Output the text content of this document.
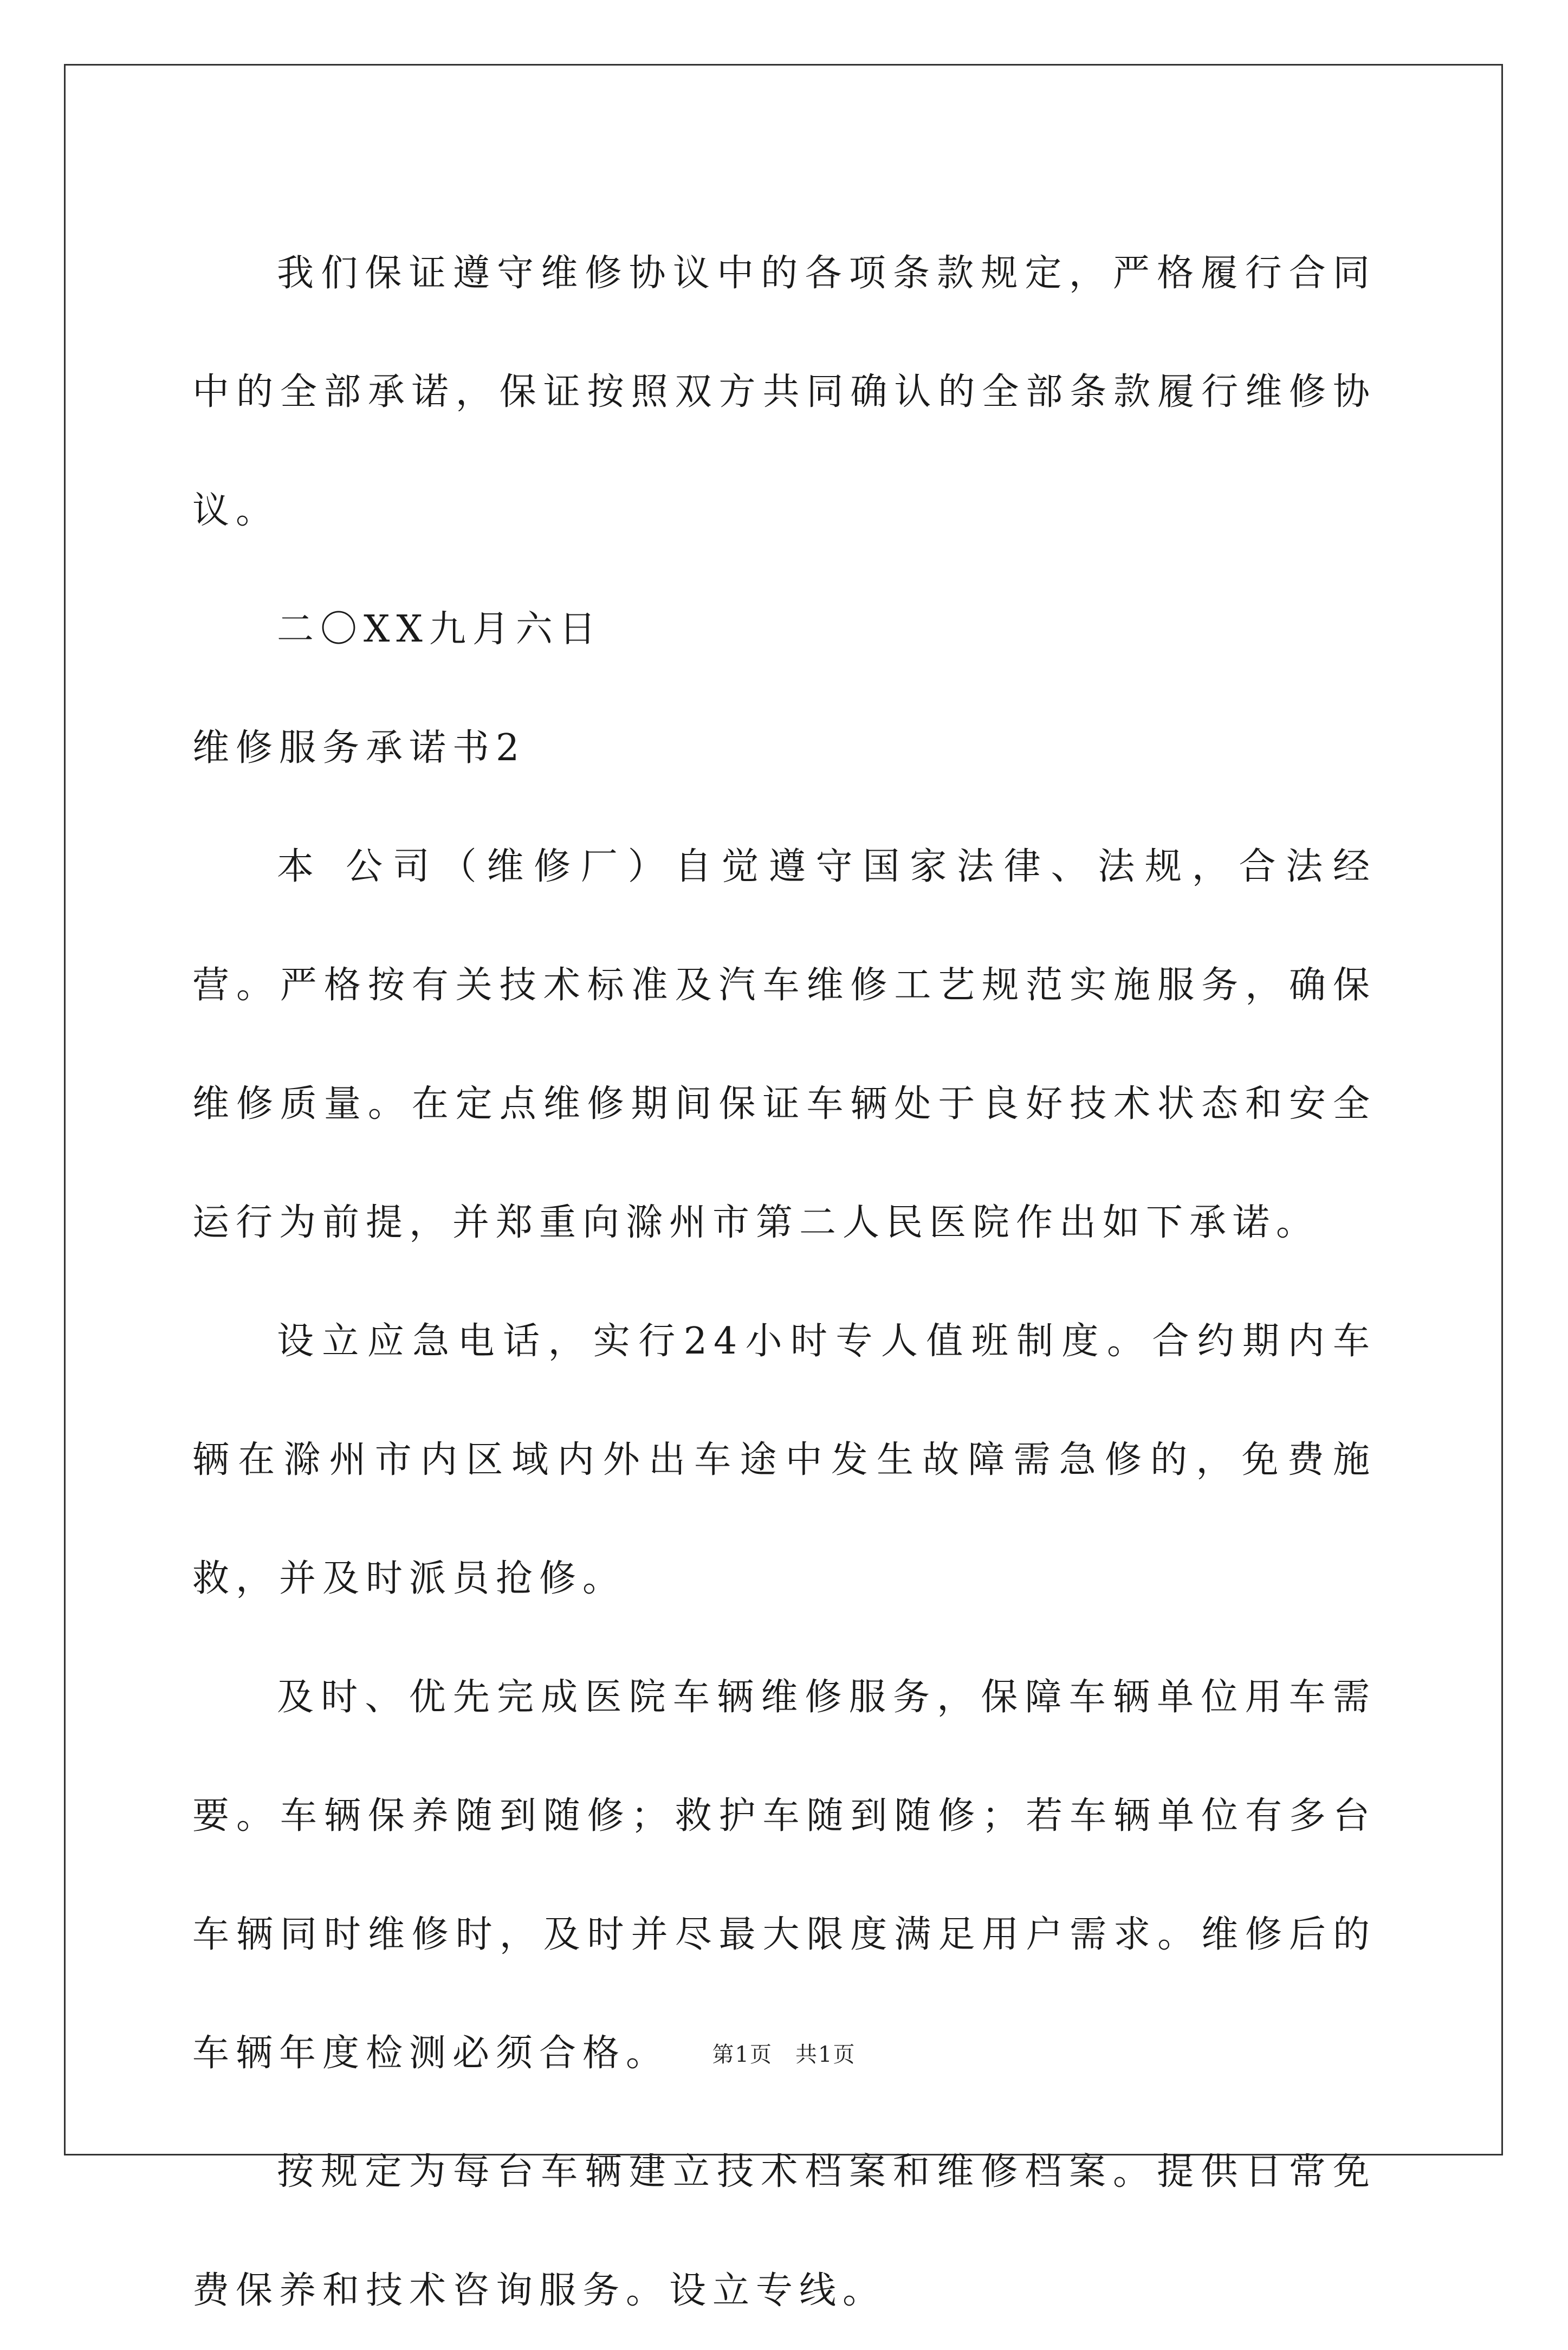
我们保证遵守维修协议中的各项条款规定，严格履行合同中的全部承诺，保证按照双方共同确认的全部条款履行维修协议。

二〇XX九月六日

维修服务承诺书2

本 公司（维修厂）自觉遵守国家法律、法规，合法经营。严格按有关技术标准及汽车维修工艺规范实施服务，确保维修质量。在定点维修期间保证车辆处于良好技术状态和安全运行为前提，并郑重向滁州市第二人民医院作出如下承诺。

设立应急电话，实行24小时专人值班制度。合约期内车辆在滁州市内区域内外出车途中发生故障需急修的，免费施救，并及时派员抢修。

及时、优先完成医院车辆维修服务，保障车辆单位用车需要。车辆保养随到随修；救护车随到随修；若车辆单位有多台车辆同时维修时，及时并尽最大限度满足用户需求。维修后的车辆年度检测必须合格。

按规定为每台车辆建立技术档案和维修档案。提供日常免费保养和技术咨询服务。设立专线。

第1页　共1页
